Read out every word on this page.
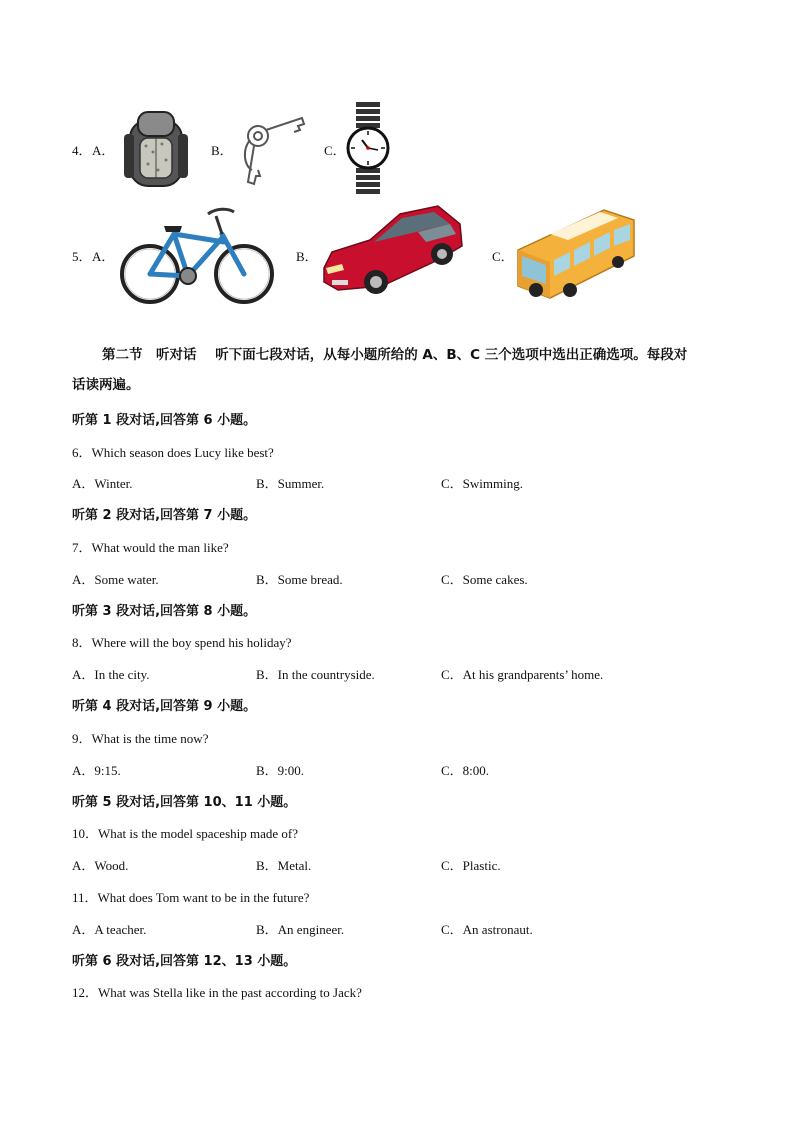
4． A．	B．	C．
5． A．	B．	C．
第二节　听对话 听下面七段对话，从每小题所给的 A、B、C 三个选项中选出正确选项。每段对
话读两遍。
听第 1 段对话,回答第 6 小题。
6．Which season does Lucy like best?
A．Winter.	B．Summer.	C．Swimming.
听第 2 段对话,回答第 7 小题。
7．What would the man like?
A．Some water.	B．Some bread.	C．Some cakes.
听第 3 段对话,回答第 8 小题。
8．Where will the boy spend his holiday?
A．In the city.	B．In the countryside.	C．At his grandparents’ home.
听第 4 段对话,回答第 9 小题。
9．What is the time now?
A．9:15.	B．9:00.	C．8:00.
听第 5 段对话,回答第 10、11 小题。
10．What is the model spaceship made of?
A．Wood.	B．Metal.	C．Plastic.
11．What does Tom want to be in the future?
A．A teacher.	B．An engineer.	C．An astronaut.
听第 6 段对话,回答第 12、13 小题。
12．What was Stella like in the past according to Jack?
